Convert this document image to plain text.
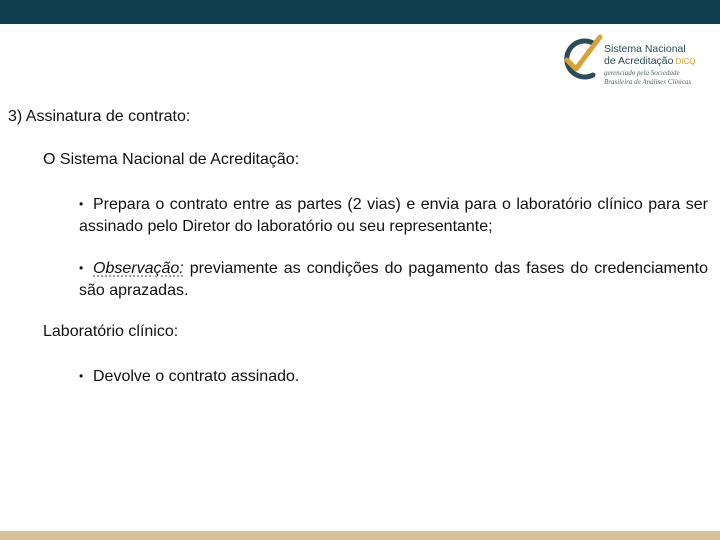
Sistema Nacional
de Acreditação DICQ
gerenciado pela Sociedade
Brasileira de Análises Clínicas
3) Assinatura de contrato:
O Sistema Nacional de Acreditação:
• Prepara o contrato entre as partes (2 vias) e envia para o laboratório clínico para ser assinado pelo Diretor do laboratório ou seu representante;
• Observação: previamente as condições do pagamento das fases do credenciamento são aprazadas.
Laboratório clínico:
• Devolve o contrato assinado.
